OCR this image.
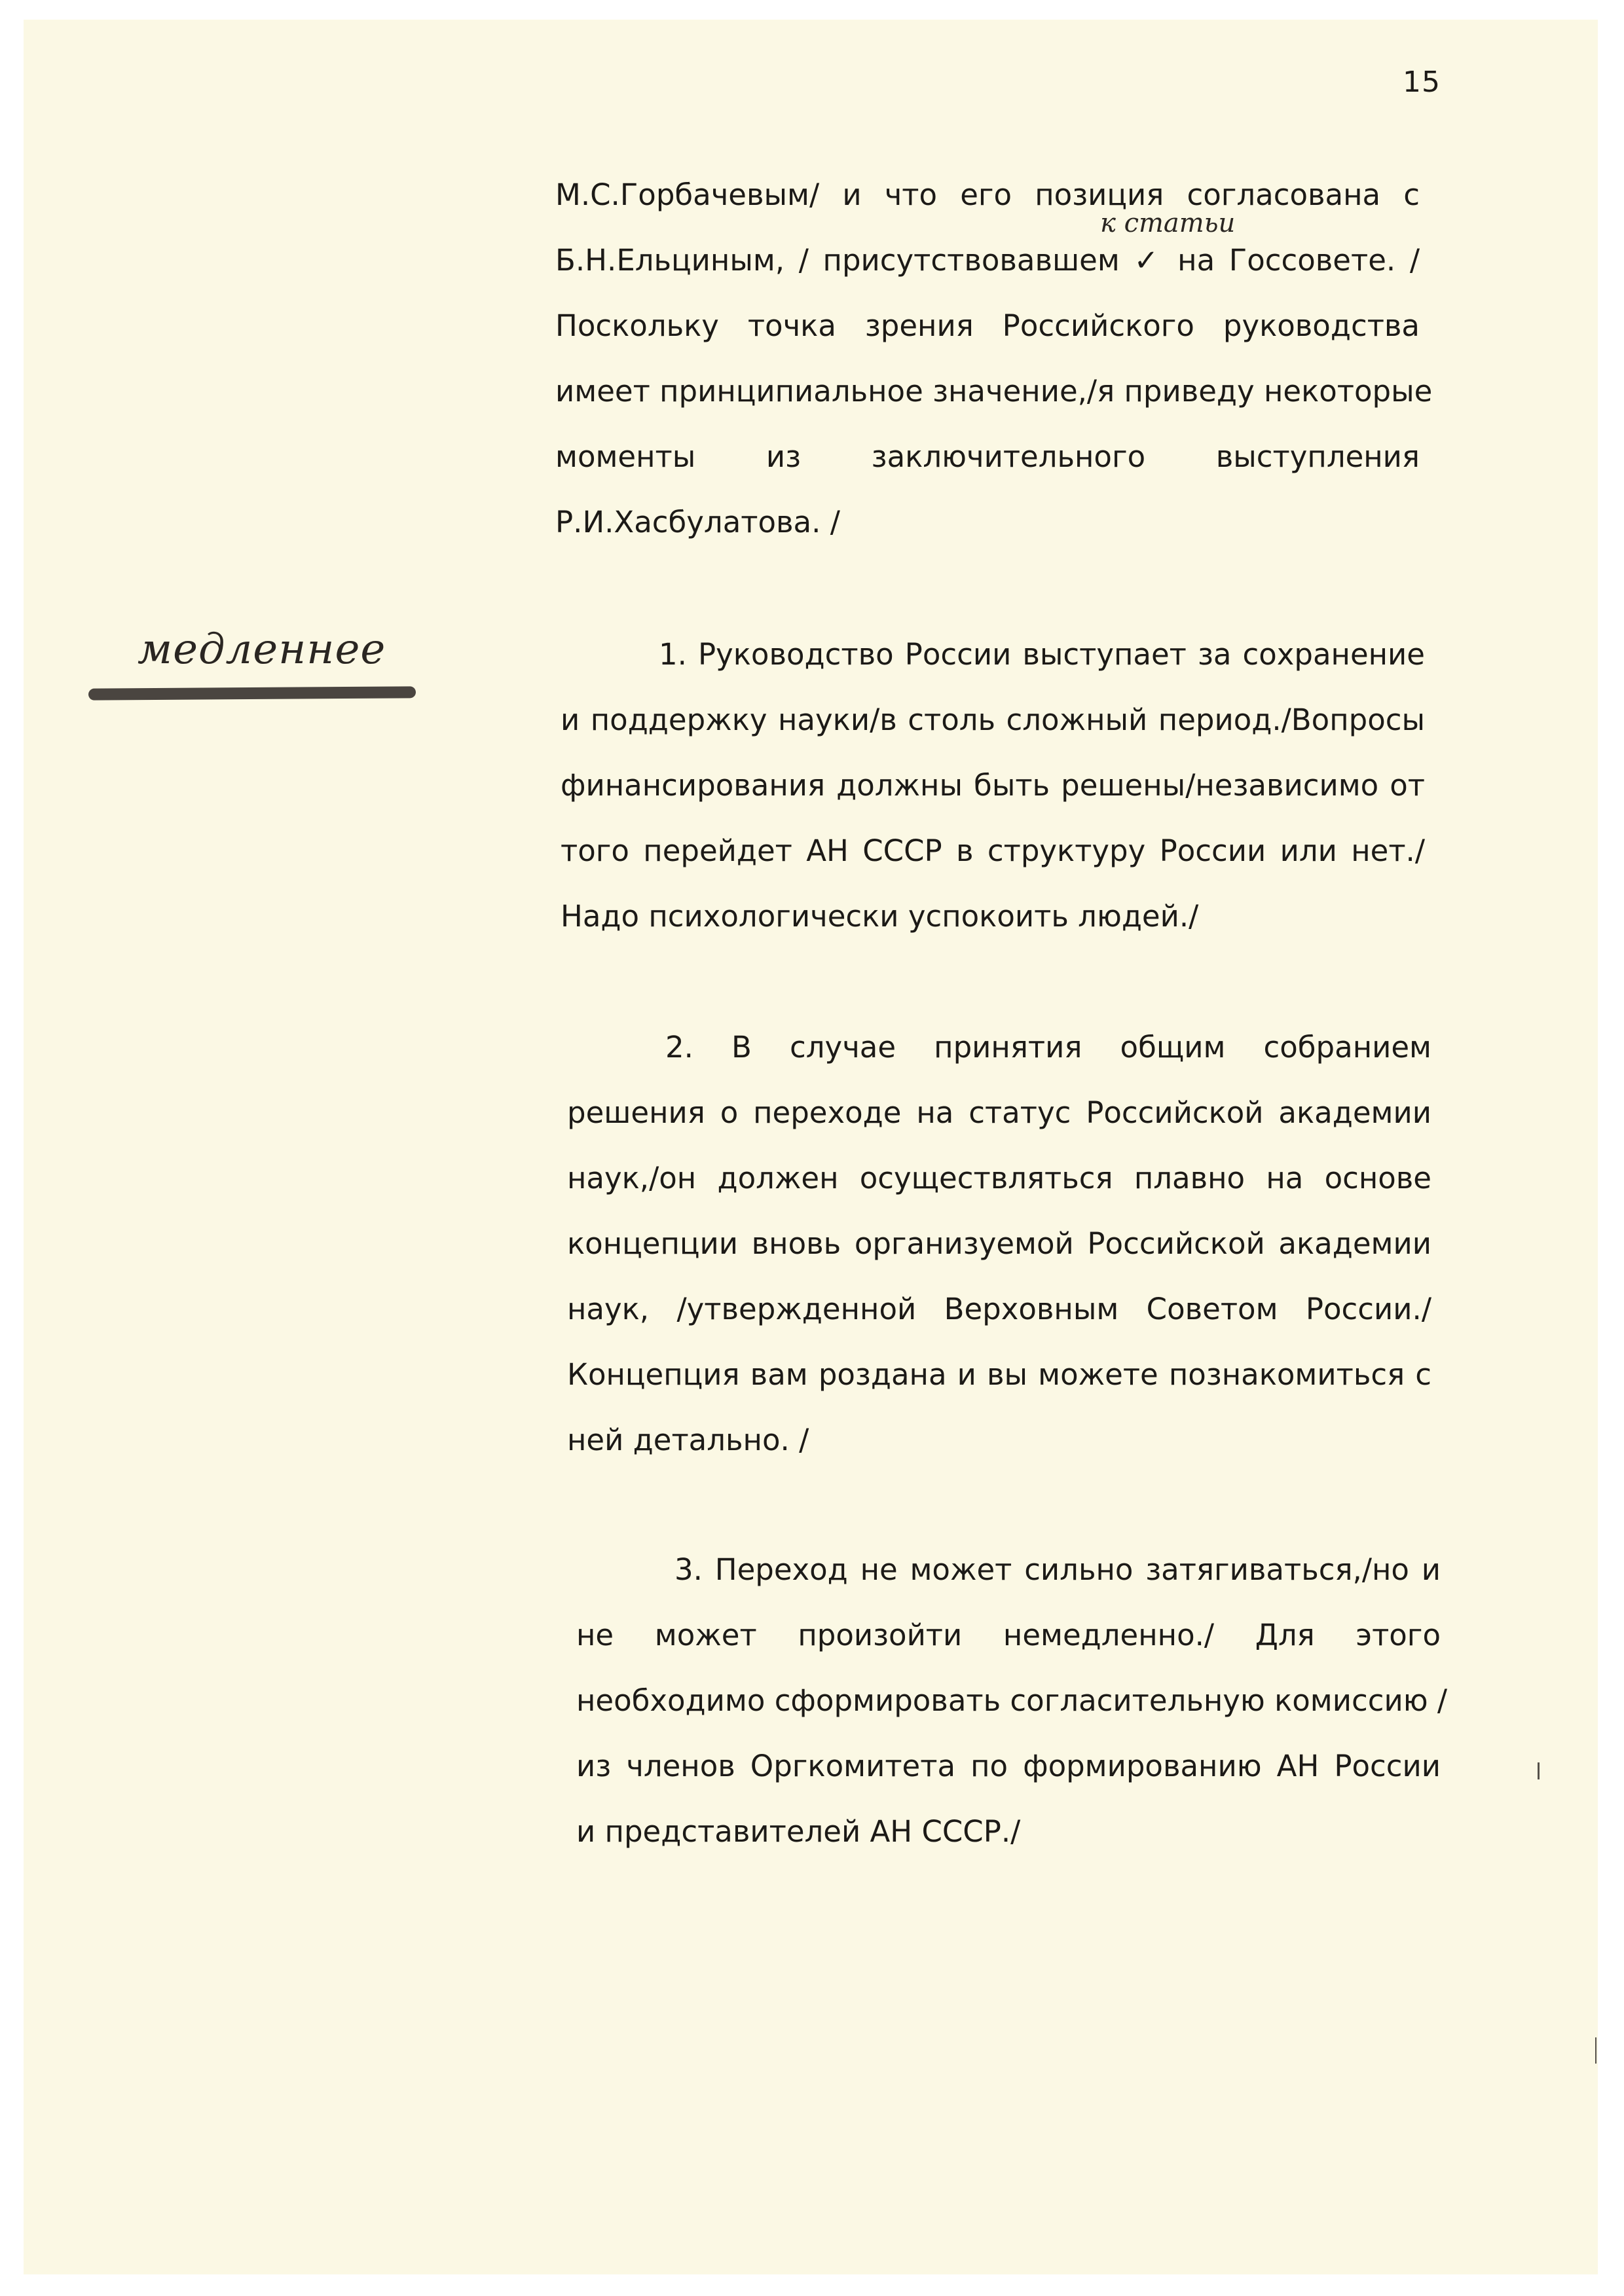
15
к статьи
медленнее
М.С.Горбачевым/ и что его позиция согласована с
Б.Н.Ельциным, / присутствовавшем ✓ на Госсовете. /
Поскольку точка зрения Российского руководства
имеет принципиальное значение,/я приведу некоторые
моменты из заключительного выступления
Р.И.Хасбулатова. /
1. Руководство России выступает за сохранение
и поддержку науки/в столь сложный период./Вопросы
финансирования должны быть решены/независимо от
того перейдет АН СССР в структуру России или нет./
Надо психологически успокоить людей./
2. В случае принятия общим собранием
решения о переходе на статус Российской академии
наук,/он должен осуществляться плавно на основе
концепции вновь организуемой Российской академии
наук, /утвержденной Верховным Советом России./
Концепция вам роздана и вы можете познакомиться с
ней детально. /
3. Переход не может сильно затягиваться,/но и
не может произойти немедленно./ Для этого
необходимо сформировать согласительную комиссию /
из членов Оргкомитета по формированию АН России
и представителей АН СССР./
